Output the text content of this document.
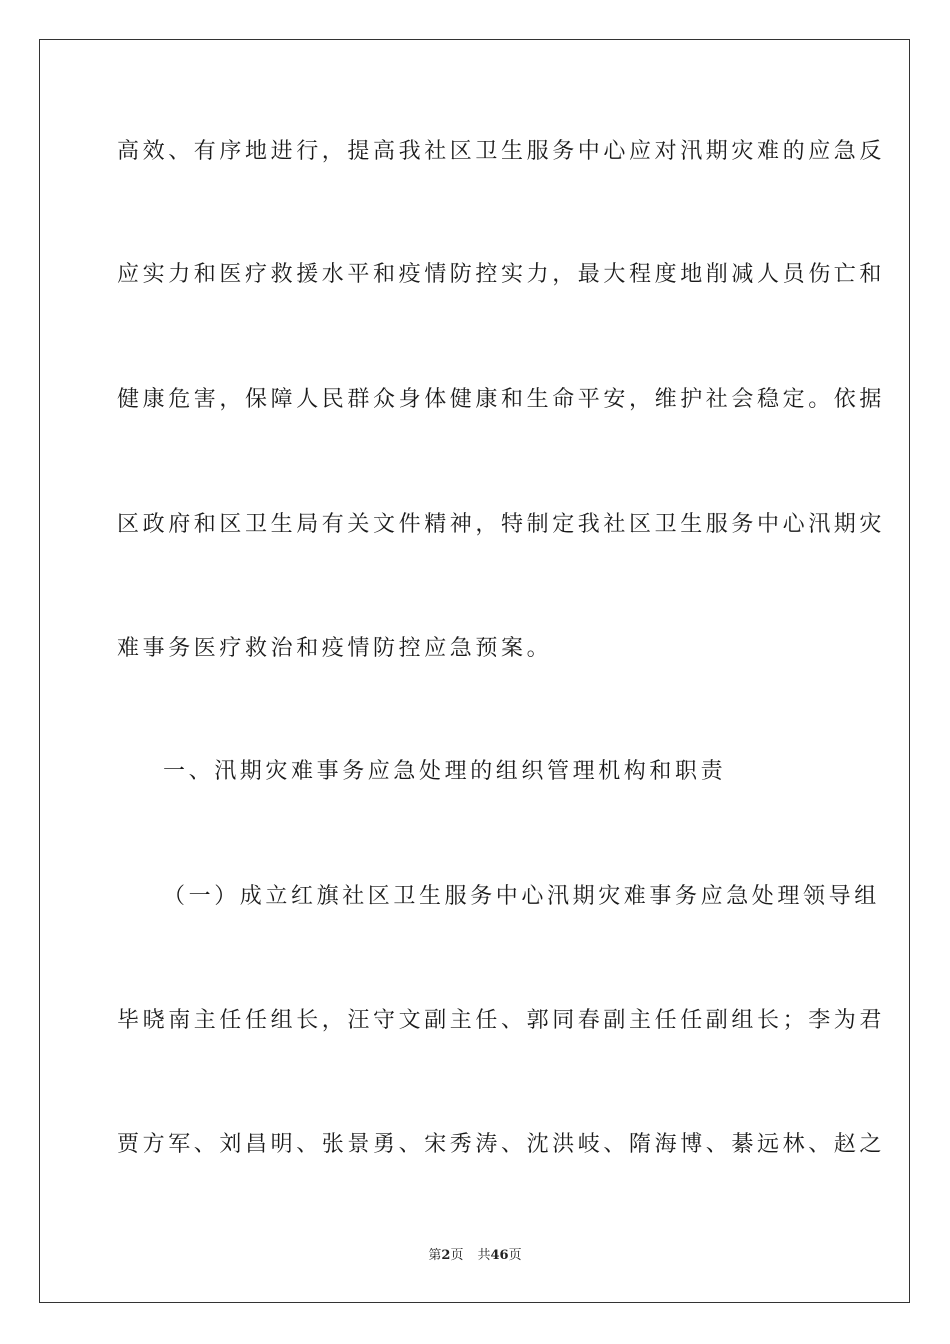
高效、有序地进行，提高我社区卫生服务中心应对汛期灾难的应急反
应实力和医疗救援水平和疫情防控实力，最大程度地削减人员伤亡和
健康危害，保障人民群众身体健康和生命平安，维护社会稳定。依据
区政府和区卫生局有关文件精神，特制定我社区卫生服务中心汛期灾
难事务医疗救治和疫情防控应急预案。
一、汛期灾难事务应急处理的组织管理机构和职责
（一）成立红旗社区卫生服务中心汛期灾难事务应急处理领导组
毕晓南主任任组长，汪守文副主任、郭同春副主任任副组长；李为君
贾方军、刘昌明、张景勇、宋秀涛、沈洪岐、隋海博、綦远林、赵之
第2页 共46页
